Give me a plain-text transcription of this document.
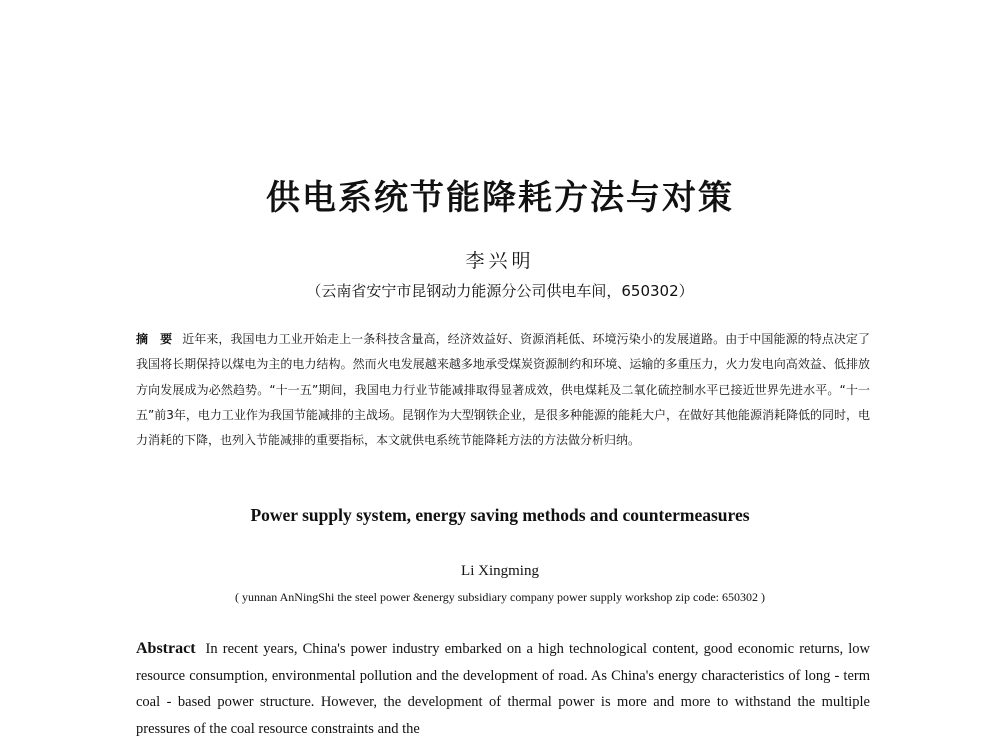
供电系统节能降耗方法与对策
李兴明
（云南省安宁市昆钢动力能源分公司供电车间，650302）
摘　要 近年来，我国电力工业开始走上一条科技含量高，经济效益好、资源消耗低、环境污染小的发展道路。由于中国能源的特点决定了我国将长期保持以煤电为主的电力结构。然而火电发展越来越多地承受煤炭资源制约和环境、运输的多重压力，火力发电向高效益、低排放方向发展成为必然趋势。“十一五”期间，我国电力行业节能减排取得显著成效，供电煤耗及二氧化硫控制水平已接近世界先进水平。“十一五”前3年，电力工业作为我国节能减排的主战场。昆钢作为大型钢铁企业，是很多种能源的能耗大户，在做好其他能源消耗降低的同时，电力消耗的下降，也列入节能减排的重要指标，本文就供电系统节能降耗方法的方法做分析归纳。
Power supply system, energy saving methods and countermeasures
Li Xingming
( yunnan AnNingShi the steel power &energy subsidiary company power supply workshop zip code: 650302 )
Abstract In recent years, China's power industry embarked on a high technological content, good economic returns, low resource consumption, environmental pollution and the development of road. As China's energy characteristics of long - term coal - based power structure. However, the development of thermal power is more and more to withstand the multiple pressures of the coal resource constraints and the
